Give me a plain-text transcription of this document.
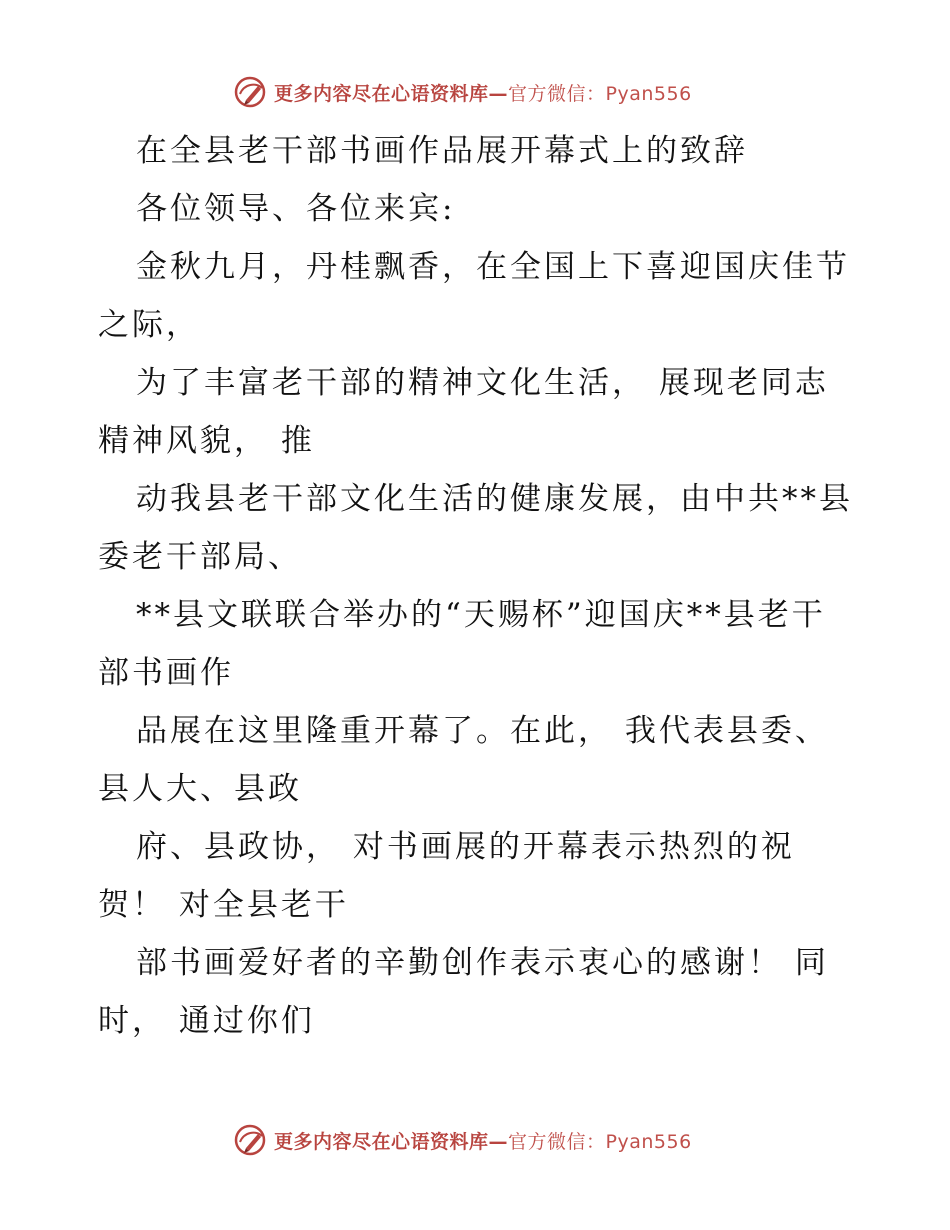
更多内容尽在心语资料库—官方微信：Pyan556
在全县老干部书画作品展开幕式上的致辞
各位领导、各位来宾:
金秋九月，丹桂飘香，在全国上下喜迎国庆佳节
之际，
为了丰富老干部的精神文化生活， 展现老同志
精神风貌， 推
动我县老干部文化生活的健康发展，由中共**县
委老干部局、
**县文联联合举办的“天赐杯”迎国庆**县老干
部书画作
品展在这里隆重开幕了。在此， 我代表县委、
县人大、县政
府、县政协， 对书画展的开幕表示热烈的祝
贺！ 对全县老干
部书画爱好者的辛勤创作表示衷心的感谢！ 同
时， 通过你们
更多内容尽在心语资料库—官方微信：Pyan556
